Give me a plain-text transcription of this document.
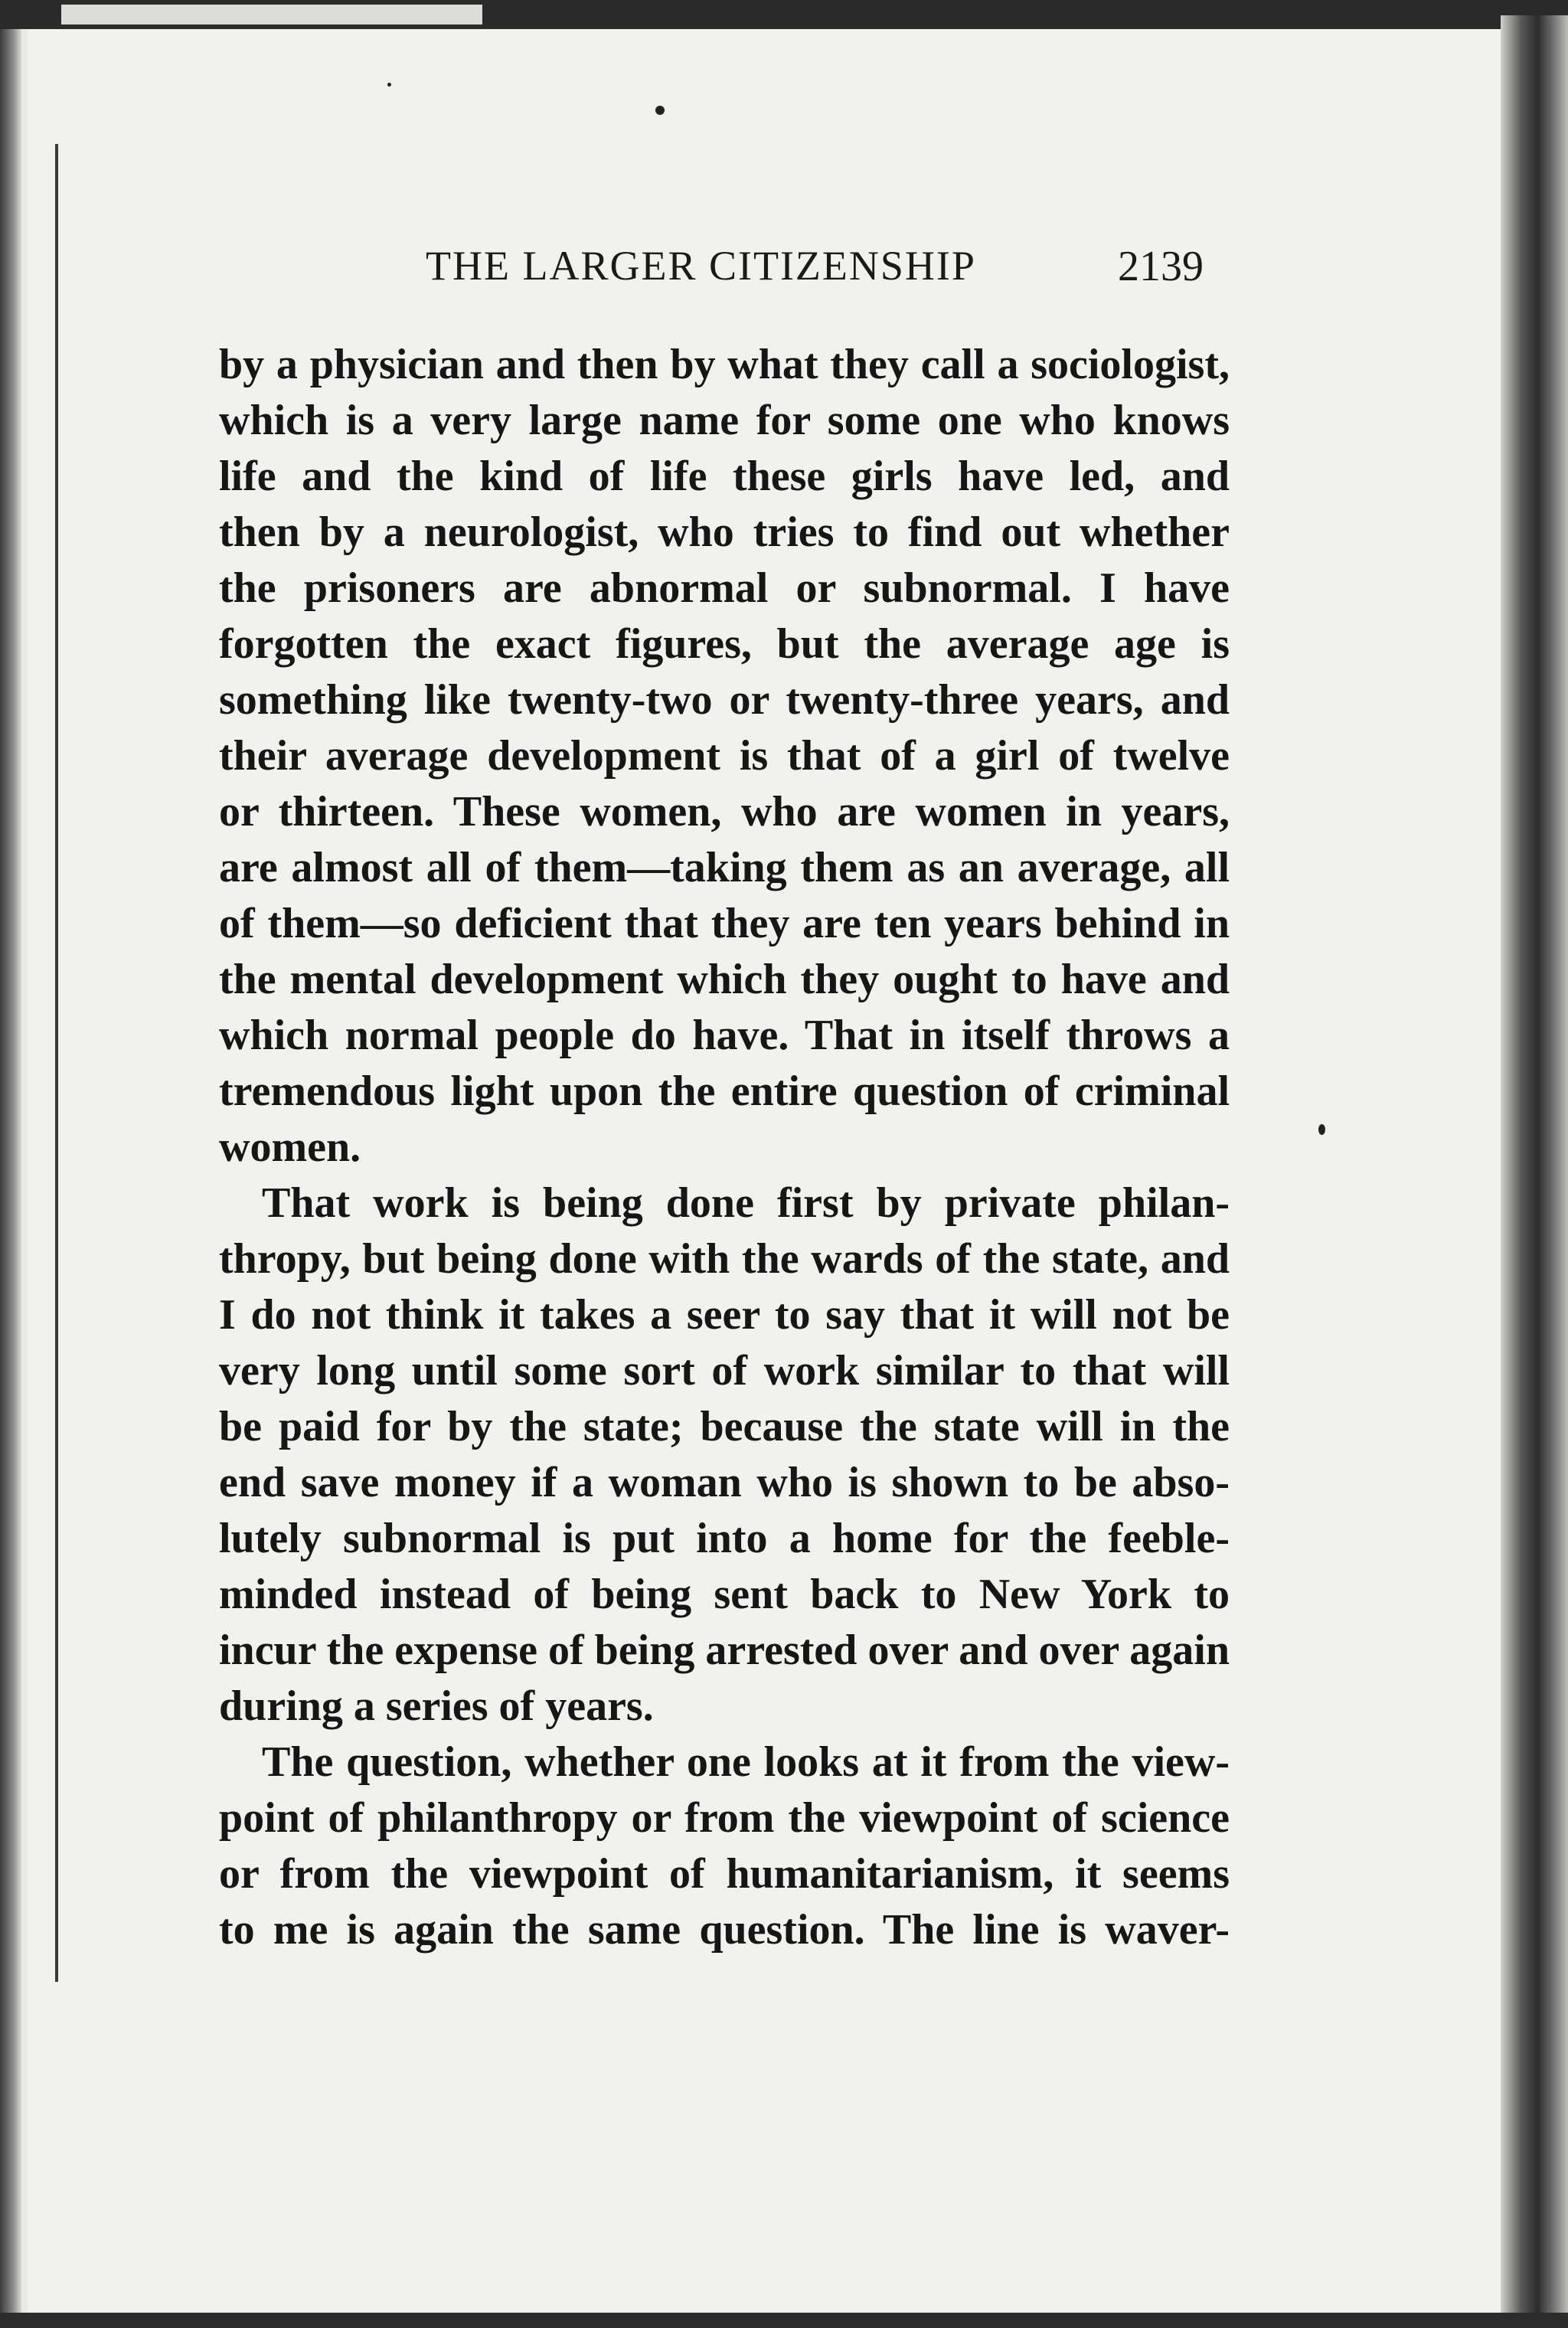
THE LARGER CITIZENSHIP	2139
by a physician and then by what they call a sociologist,
which is a very large name for some one who knows
life and the kind of life these girls have led, and
then by a neurologist, who tries to find out whether
the prisoners are abnormal or subnormal. I have
forgotten the exact figures, but the average age is
something like twenty-two or twenty-three years, and
their average development is that of a girl of twelve
or thirteen. These women, who are women in years,
are almost all of them—taking them as an average, all
of them—so deficient that they are ten years behind in
the mental development which they ought to have and
which normal people do have. That in itself throws a
tremendous light upon the entire question of criminal
women.
That work is being done first by private philan-
thropy, but being done with the wards of the state, and
I do not think it takes a seer to say that it will not be
very long until some sort of work similar to that will
be paid for by the state; because the state will in the
end save money if a woman who is shown to be abso-
lutely subnormal is put into a home for the feeble-
minded instead of being sent back to New York to
incur the expense of being arrested over and over again
during a series of years.
The question, whether one looks at it from the view-
point of philanthropy or from the viewpoint of science
or from the viewpoint of humanitarianism, it seems
to me is again the same question. The line is waver-
